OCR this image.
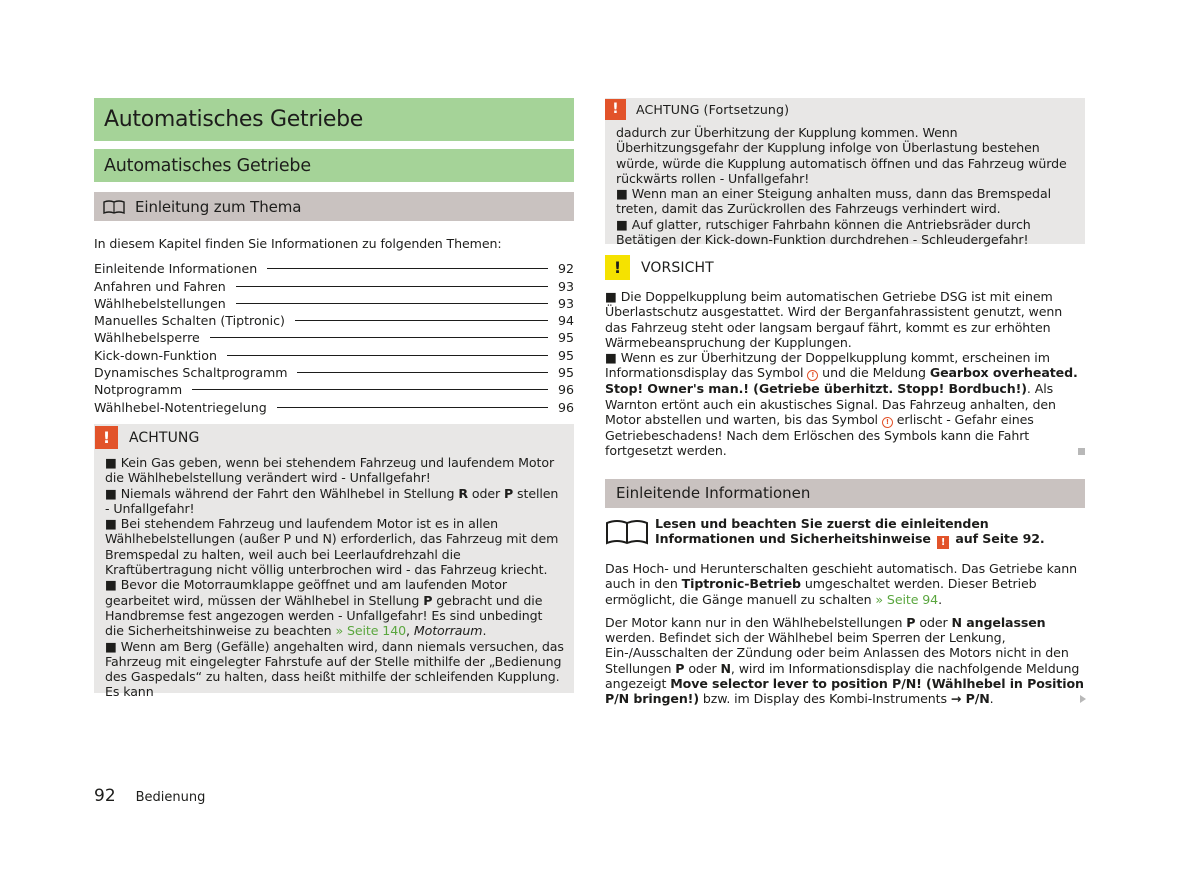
Automatisches Getriebe
Automatisches Getriebe
Einleitung zum Thema

In diesem Kapitel finden Sie Informationen zu folgenden Themen:

Einleitende Informationen	92
Anfahren und Fahren	93
Wählhebelstellungen	93
Manuelles Schalten (Tiptronic)	94
Wählhebelsperre	95
Kick-down-Funktion	95
Dynamisches Schaltprogramm	95
Notprogramm	96
Wählhebel-Notentriegelung	96
!	ACHTUNG
■ Kein Gas geben, wenn bei stehendem Fahrzeug und laufendem Motor die Wählhebelstellung verändert wird - Unfallgefahr!
■ Niemals während der Fahrt den Wählhebel in Stellung R oder P stellen - Unfallgefahr!
■ Bei stehendem Fahrzeug und laufendem Motor ist es in allen Wählhebelstellungen (außer P und N) erforderlich, das Fahrzeug mit dem Bremspedal zu halten, weil auch bei Leerlaufdrehzahl die Kraftübertragung nicht völlig unterbrochen wird - das Fahrzeug kriecht.
■ Bevor die Motorraumklappe geöffnet und am laufenden Motor gearbeitet wird, müssen der Wählhebel in Stellung P gebracht und die Handbremse fest angezogen werden - Unfallgefahr! Es sind unbedingt die Sicherheitshinweise zu beachten » Seite 140, Motorraum.
■ Wenn am Berg (Gefälle) angehalten wird, dann niemals versuchen, das Fahrzeug mit eingelegter Fahrstufe auf der Stelle mithilfe der „Bedienung des Gaspedals“ zu halten, dass heißt mithilfe der schleifenden Kupplung. Es kann
!	ACHTUNG (Fortsetzung)
dadurch zur Überhitzung der Kupplung kommen. Wenn Überhitzungsgefahr der Kupplung infolge von Überlastung bestehen würde, würde die Kupplung automatisch öffnen und das Fahrzeug würde rückwärts rollen - Unfallgefahr!
■ Wenn man an einer Steigung anhalten muss, dann das Bremspedal treten, damit das Zurückrollen des Fahrzeugs verhindert wird.
■ Auf glatter, rutschiger Fahrbahn können die Antriebsräder durch Betätigen der Kick-down-Funktion durchdrehen - Schleudergefahr!
!	VORSICHT
■ Die Doppelkupplung beim automatischen Getriebe DSG ist mit einem Überlastschutz ausgestattet. Wird der Berganfahrassistent genutzt, wenn das Fahrzeug steht oder langsam bergauf fährt, kommt es zur erhöhten Wärmebeanspruchung der Kupplungen.
■ Wenn es zur Überhitzung der Doppelkupplung kommt, erscheinen im Informationsdisplay das Symbol ! und die Meldung Gearbox overheated. Stop! Owner's man.! (Getriebe überhitzt. Stopp! Bordbuch!). Als Warnton ertönt auch ein akustisches Signal. Das Fahrzeug anhalten, den Motor abstellen und warten, bis das Symbol ! erlischt - Gefahr eines Getriebeschadens! Nach dem Erlöschen des Symbols kann die Fahrt fortgesetzt werden.
Einleitende Informationen
Lesen und beachten Sie zuerst die einleitenden Informationen und Sicherheitshinweise ! auf Seite 92.

Das Hoch- und Herunterschalten geschieht automatisch. Das Getriebe kann auch in den Tiptronic-Betrieb umgeschaltet werden. Dieser Betrieb ermöglicht, die Gänge manuell zu schalten » Seite 94.

Der Motor kann nur in den Wählhebelstellungen P oder N angelassen werden. Befindet sich der Wählhebel beim Sperren der Lenkung, Ein-/Ausschalten der Zündung oder beim Anlassen des Motors nicht in den Stellungen P oder N, wird im Informationsdisplay die nachfolgende Meldung angezeigt Move selector lever to position P/N! (Wählhebel in Position P/N bringen!) bzw. im Display des Kombi-Instruments → P/N.

92 Bedienung
